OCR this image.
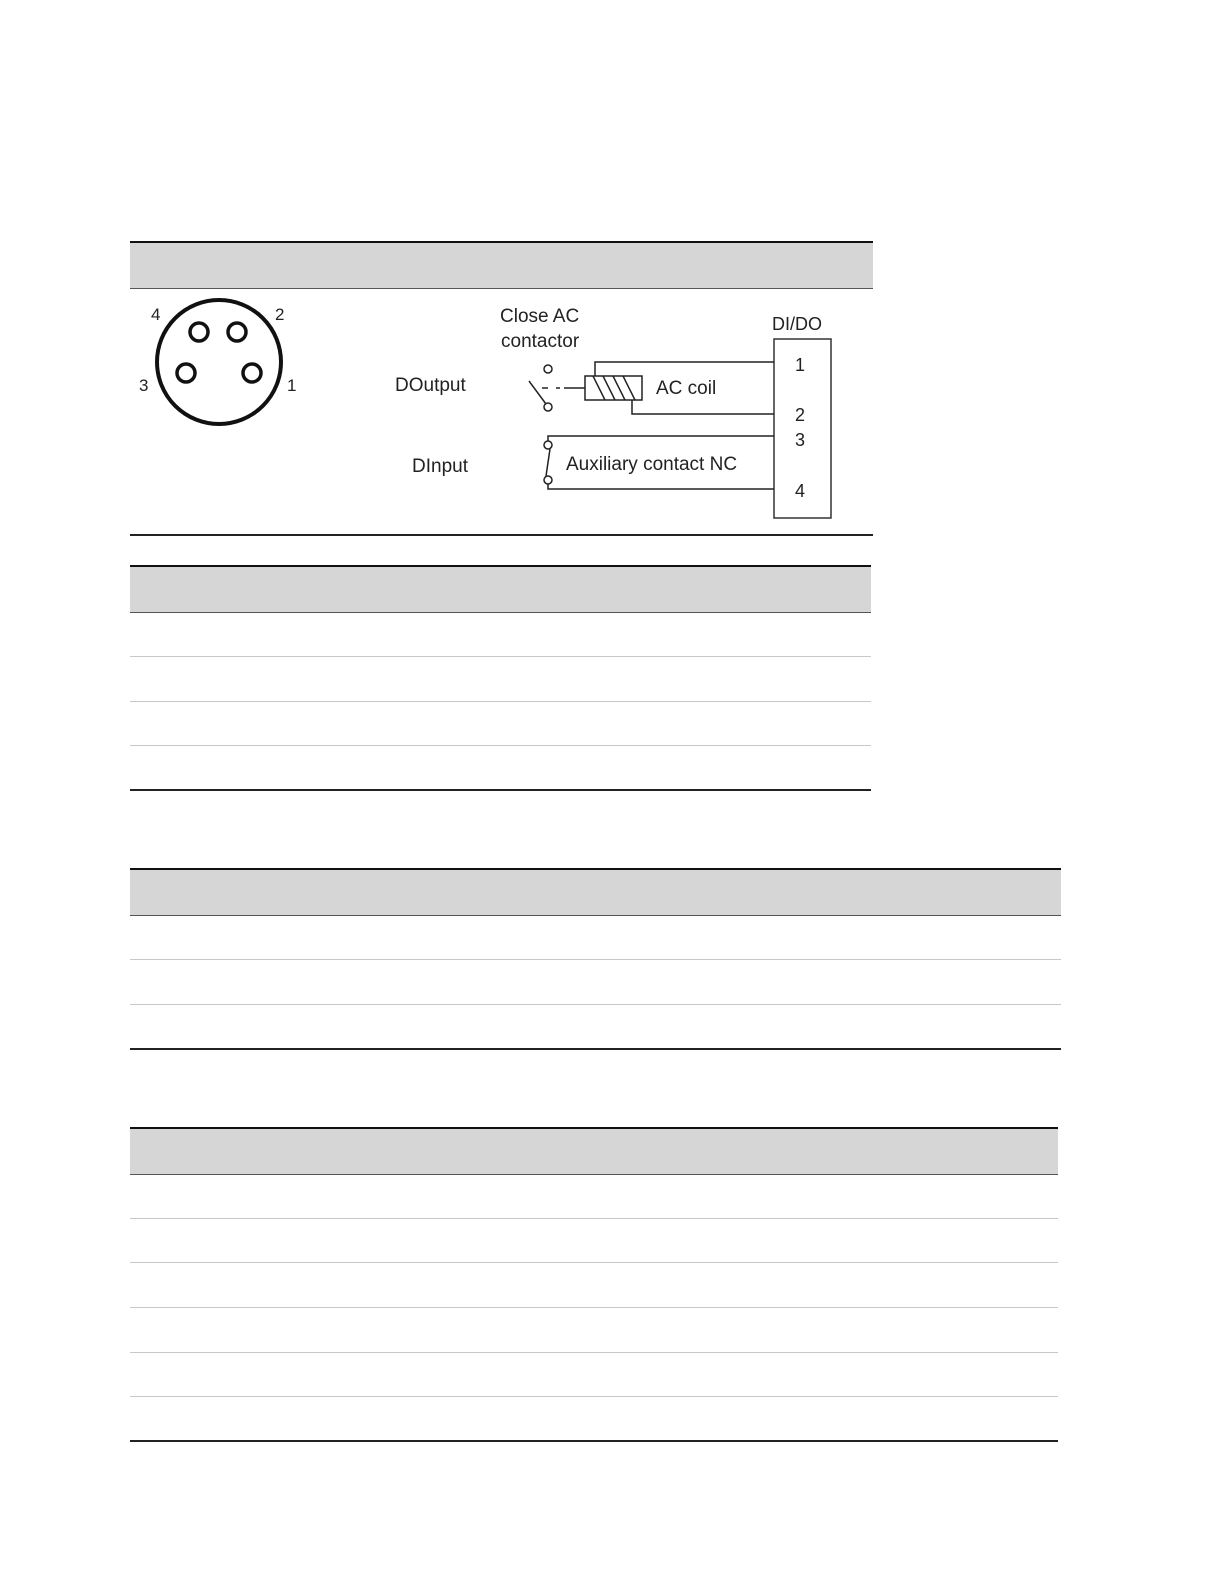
4	2
3	1
Close AC
contactor
DI/DO
DOutput
DInput
AC coil
Auxiliary contact NC
1
2
3
4
